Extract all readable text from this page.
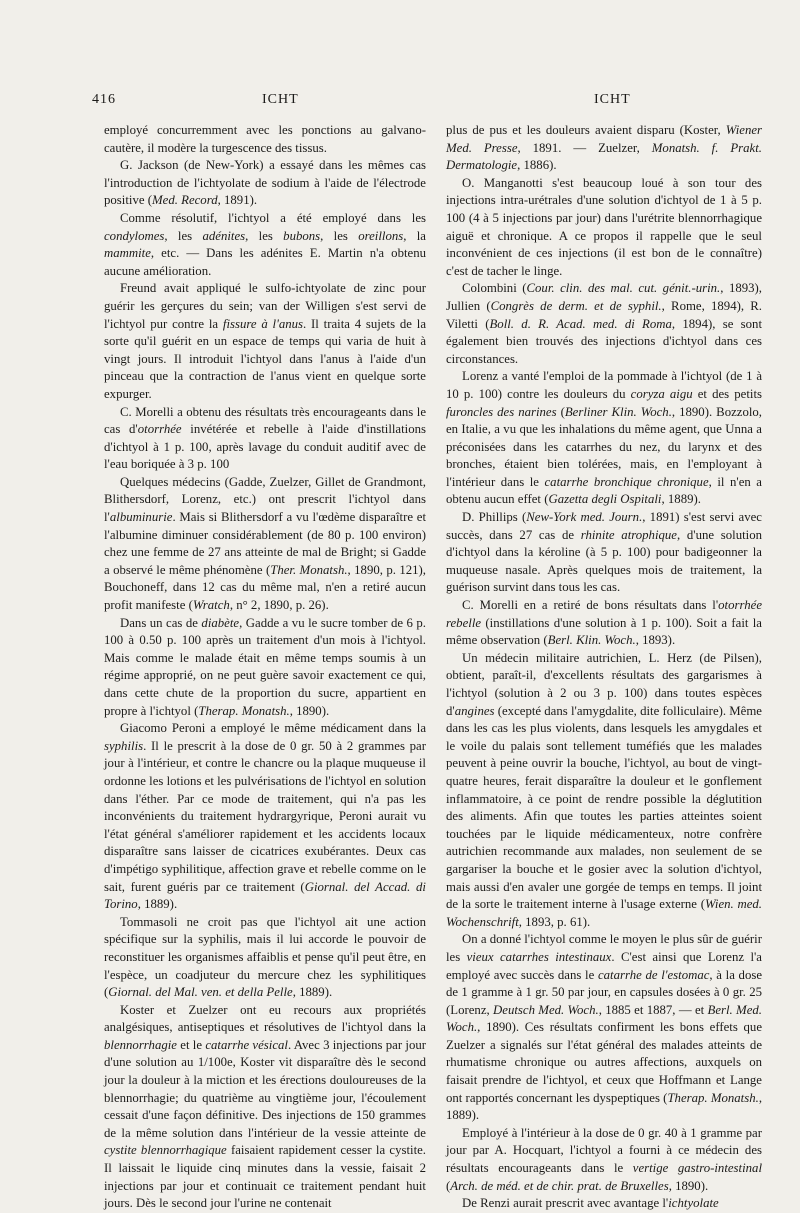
416	ICHT	ICHT

employé concurremment avec les ponctions au galvano-cautère, il modère la turgescence des tissus.

G. Jackson (de New-York) a essayé dans les mêmes cas l'introduction de l'ichtyolate de sodium à l'aide de l'électrode positive (Med. Record, 1891).

Comme résolutif, l'ichtyol a été employé dans les condylomes, les adénites, les bubons, les oreillons, la mammite, etc. — Dans les adénites E. Martin n'a obtenu aucune amélioration.

Freund avait appliqué le sulfo-ichtyolate de zinc pour guérir les gerçures du sein; van der Willigen s'est servi de l'ichtyol pur contre la fissure à l'anus. Il traita 4 sujets de la sorte qu'il guérit en un espace de temps qui varia de huit à vingt jours. Il introduit l'ichtyol dans l'anus à l'aide d'un pinceau que la contraction de l'anus vient en quelque sorte expurger.

C. Morelli a obtenu des résultats très encourageants dans le cas d'otorrhée invétérée et rebelle à l'aide d'instillations d'ichtyol à 1 p. 100, après lavage du conduit auditif avec de l'eau boriquée à 3 p. 100

Quelques médecins (Gadde, Zuelzer, Gillet de Grandmont, Blithersdorf, Lorenz, etc.) ont prescrit l'ichtyol dans l'albuminurie. Mais si Blithersdorf a vu l'œdème disparaître et l'albumine diminuer considérablement (de 80 p. 100 environ) chez une femme de 27 ans atteinte de mal de Bright; si Gadde a observé le même phénomène (Ther. Monatsh., 1890, p. 121), Bouchoneff, dans 12 cas du même mal, n'en a retiré aucun profit manifeste (Wratch, n° 2, 1890, p. 26).

Dans un cas de diabète, Gadde a vu le sucre tomber de 6 p. 100 à 0.50 p. 100 après un traitement d'un mois à l'ichtyol. Mais comme le malade était en même temps soumis à un régime approprié, on ne peut guère savoir exactement ce qui, dans cette chute de la proportion du sucre, appartient en propre à l'ichtyol (Therap. Monatsh., 1890).

Giacomo Peroni a employé le même médicament dans la syphilis. Il le prescrit à la dose de 0 gr. 50 à 2 grammes par jour à l'intérieur, et contre le chancre ou la plaque muqueuse il ordonne les lotions et les pulvérisations de l'ichtyol en solution dans l'éther. Par ce mode de traitement, qui n'a pas les inconvénients du traitement hydrargyrique, Peroni aurait vu l'état général s'améliorer rapidement et les accidents locaux disparaître sans laisser de cicatrices exubérantes. Deux cas d'impétigo syphilitique, affection grave et rebelle comme on le sait, furent guéris par ce traitement (Giornal. del Accad. di Torino, 1889).

Tommasoli ne croit pas que l'ichtyol ait une action spécifique sur la syphilis, mais il lui accorde le pouvoir de reconstituer les organismes affaiblis et pense qu'il peut être, en l'espèce, un coadjuteur du mercure chez les syphilitiques (Giornal. del Mal. ven. et della Pelle, 1889).

Koster et Zuelzer ont eu recours aux propriétés analgésiques, antiseptiques et résolutives de l'ichtyol dans la blennorrhagie et le catarrhe vésical. Avec 3 injections par jour d'une solution au 1/100e, Koster vit disparaître dès le second jour la douleur à la miction et les érections douloureuses de la blennorrhagie; du quatrième au vingtième jour, l'écoulement cessait d'une façon définitive. Des injections de 150 grammes de la même solution dans l'intérieur de la vessie atteinte de cystite blennorrhagique faisaient rapidement cesser la cystite. Il laissait le liquide cinq minutes dans la vessie, faisait 2 injections par jour et continuait ce traitement pendant huit jours. Dès le second jour l'urine ne contenait

plus de pus et les douleurs avaient disparu (Koster, Wiener Med. Presse, 1891. — Zuelzer, Monatsh. f. Prakt. Dermatologie, 1886).

O. Manganotti s'est beaucoup loué à son tour des injections intra-urétrales d'une solution d'ichtyol de 1 à 5 p. 100 (4 à 5 injections par jour) dans l'urétrite blennorrhagique aiguë et chronique. A ce propos il rappelle que le seul inconvénient de ces injections (il est bon de le connaître) c'est de tacher le linge.

Colombini (Cour. clin. des mal. cut. génit.-urin., 1893), Jullien (Congrès de derm. et de syphil., Rome, 1894), R. Viletti (Boll. d. R. Acad. med. di Roma, 1894), se sont également bien trouvés des injections d'ichtyol dans ces circonstances.

Lorenz a vanté l'emploi de la pommade à l'ichtyol (de 1 à 10 p. 100) contre les douleurs du coryza aigu et des petits furoncles des narines (Berliner Klin. Woch., 1890). Bozzolo, en Italie, a vu que les inhalations du même agent, que Unna a préconisées dans les catarrhes du nez, du larynx et des bronches, étaient bien tolérées, mais, en l'employant à l'intérieur dans le catarrhe bronchique chronique, il n'en a obtenu aucun effet (Gazetta degli Ospitali, 1889).

D. Phillips (New-York med. Journ., 1891) s'est servi avec succès, dans 27 cas de rhinite atrophique, d'une solution d'ichtyol dans la kéroline (à 5 p. 100) pour badigeonner la muqueuse nasale. Après quelques mois de traitement, la guérison survint dans tous les cas.

C. Morelli en a retiré de bons résultats dans l'otorrhée rebelle (instillations d'une solution à 1 p. 100). Soit a fait la même observation (Berl. Klin. Woch., 1893).

Un médecin militaire autrichien, L. Herz (de Pilsen), obtient, paraît-il, d'excellents résultats des gargarismes à l'ichtyol (solution à 2 ou 3 p. 100) dans toutes espèces d'angines (excepté dans l'amygdalite, dite folliculaire). Même dans les cas les plus violents, dans lesquels les amygdales et le voile du palais sont tellement tuméfiés que les malades peuvent à peine ouvrir la bouche, l'ichtyol, au bout de vingt-quatre heures, ferait disparaître la douleur et le gonflement inflammatoire, à ce point de rendre possible la déglutition des aliments. Afin que toutes les parties atteintes soient touchées par le liquide médicamenteux, notre confrère autrichien recommande aux malades, non seulement de se gargariser la bouche et le gosier avec la solution d'ichtyol, mais aussi d'en avaler une gorgée de temps en temps. Il joint de la sorte le traitement interne à l'usage externe (Wien. med. Wochenschrift, 1893, p. 61).

On a donné l'ichtyol comme le moyen le plus sûr de guérir les vieux catarrhes intestinaux. C'est ainsi que Lorenz l'a employé avec succès dans le catarrhe de l'estomac, à la dose de 1 gramme à 1 gr. 50 par jour, en capsules dosées à 0 gr. 25 (Lorenz, Deutsch Med. Woch., 1885 et 1887, — et Berl. Med. Woch., 1890). Ces résultats confirment les bons effets que Zuelzer a signalés sur l'état général des malades atteints de rhumatisme chronique ou autres affections, auxquels on faisait prendre de l'ichtyol, et ceux que Hoffmann et Lange ont rapportés concernant les dyspeptiques (Therap. Monatsh., 1889).

Employé à l'intérieur à la dose de 0 gr. 40 à 1 gramme par jour par A. Hocquart, l'ichtyol a fourni à ce médecin des résultats encourageants dans le vertige gastro-intestinal (Arch. de méd. et de chir. prat. de Bruxelles, 1890).

De Renzi aurait prescrit avec avantage l'ichtyolate
